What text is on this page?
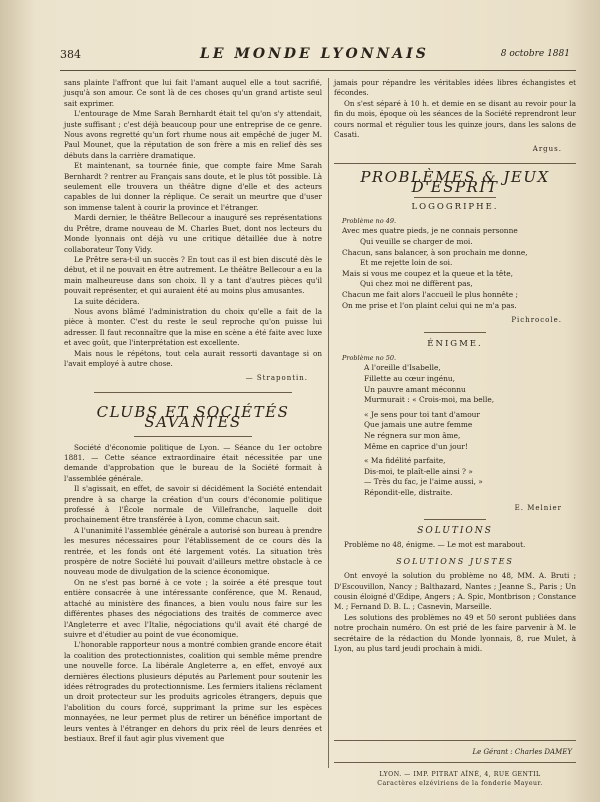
384	LE MONDE LYONNAIS	8 octobre 1881

sans plainte l'affront que lui fait l'amant auquel elle a tout sacrifié, jusqu'à son amour. Ce sont là de ces choses qu'un grand artiste seul sait exprimer.

L'entourage de Mme Sarah Bernhardt était tel qu'on s'y attendait, juste suffisant ; c'est déjà beaucoup pour une entreprise de ce genre. Nous avons regretté qu'un fort rhume nous ait empêché de juger M. Paul Mounet, que la réputation de son frère a mis en relief dès ses débuts dans la carrière dramatique.

Et maintenant, sa tournée finie, que compte faire Mme Sarah Bernhardt ? rentrer au Français sans doute, et le plus tôt possible. Là seulement elle trouvera un théâtre digne d'elle et des acteurs capables de lui donner la réplique. Ce serait un meurtre que d'user son immense talent à courir la province et l'étranger.

Mardi dernier, le théâtre Bellecour a inauguré ses représentations du Prêtre, drame nouveau de M. Charles Buet, dont nos lecteurs du Monde lyonnais ont déjà vu une critique détaillée due à notre collaborateur Tony Vidy.

Le Prêtre sera-t-il un succès ? En tout cas il est bien discuté dès le début, et il ne pouvait en être autrement. Le théâtre Bellecour a eu la main malheureuse dans son choix. Il y a tant d'autres pièces qu'il pouvait représenter, et qui auraient été au moins plus amusantes.

La suite décidera.

Nous avons blâmé l'administration du choix qu'elle a fait de la pièce à monter. C'est du reste le seul reproche qu'on puisse lui adresser. Il faut reconnaître que la mise en scène a été faite avec luxe et avec goût, que l'interprétation est excellente.

Mais nous le répétons, tout cela aurait ressorti davantage si on l'avait employé à autre chose.

— Strapontin.
CLUBS ET SOCIÉTÉS SAVANTES

Société d'économie politique de Lyon. — Séance du 1er octobre 1881. — Cette séance extraordinaire était nécessitée par une demande d'approbation que le bureau de la Société formait à l'assemblée générale.

Il s'agissait, en effet, de savoir si décidément la Société entendait prendre à sa charge la création d'un cours d'économie politique professé à l'École normale de Villefranche, laquelle doit prochainement être transférée à Lyon, comme chacun sait.

A l'unanimité l'assemblée générale a autorisé son bureau à prendre les mesures nécessaires pour l'établissement de ce cours dès la rentrée, et les fonds ont été largement votés. La situation très prospère de notre Société lui pouvait d'ailleurs mettre obstacle à ce nouveau mode de divulgation de la science économique.

On ne s'est pas borné à ce vote ; la soirée a été presque tout entière consacrée à une intéressante conférence, que M. Renaud, attaché au ministère des finances, a bien voulu nous faire sur les différentes phases des négociations des traités de commerce avec l'Angleterre et avec l'Italie, négociations qu'il avait été chargé de suivre et d'étudier au point de vue économique.

L'honorable rapporteur nous a montré combien grande encore était la coalition des protectionnistes, coalition qui semble même prendre une nouvelle force. La libérale Angleterre a, en effet, envoyé aux dernières élections plusieurs députés au Parlement pour soutenir les idées rétrogrades du protectionnisme. Les fermiers italiens réclament un droit protecteur sur les produits agricoles étrangers, depuis que l'abolition du cours forcé, supprimant la prime sur les espèces monnayées, ne leur permet plus de retirer un bénéfice important de leurs ventes à l'étranger en dehors du prix réel de leurs denrées et bestiaux. Bref il faut agir plus vivement que

jamais pour répandre les véritables idées libres échangistes et fécondes.

On s'est séparé à 10 h. et demie en se disant au revoir pour la fin du mois, époque où les séances de la Société reprendront leur cours normal et régulier tous les quinze jours, dans les salons de Casati.

Argus.
PROBLÈMES & JEUX D'ESPRIT
LOGOGRIPHE.
Problème no 49.
Avec mes quatre pieds, je ne connais personne
Qui veuille se charger de moi.
Chacun, sans balancer, à son prochain me donne,
Et me rejette loin de soi.
Mais si vous me coupez et la queue et la tête,
Qui chez moi ne diffèrent pas,
Chacun me fait alors l'accueil le plus honnête ;
On me prise et l'on plaint celui qui ne m'a pas.
Pichrocole.
ÉNIGME.
Problème no 50.
A l'oreille d'Isabelle,
Fillette au cœur ingénu,
Un pauvre amant méconnu
Murmurait : « Crois-moi, ma belle,
« Je sens pour toi tant d'amour
Que jamais une autre femme
Ne régnera sur mon âme,
Même en caprice d'un jour!
« Ma fidélité parfaite,
Dis-moi, te plaît-elle ainsi ? »
— Très du fac, je l'aime aussi, »
Répondit-elle, distraite.
E. Melnier
SOLUTIONS

Problème no 48, énigme. — Le mot est marabout.

SOLUTIONS JUSTES

Ont envoyé la solution du problème no 48, MM. A. Bruti ; D'Escouvillon, Nancy ; Balthazard, Nantes ; Jeanne S., Paris ; Un cousin éloigné d'Œdipe, Angers ; A. Spic, Montbrison ; Constance M. ; Fernand D. B. L. ; Casnevin, Marseille.

Les solutions des problèmes no 49 et 50 seront publiées dans notre prochain numéro. On est prié de les faire parvenir à M. le secrétaire de la rédaction du Monde lyonnais, 8, rue Mulet, à Lyon, au plus tard jeudi prochain à midi.

Le Gérant : Charles DAMEY
LYON. — IMP. PITRAT AÎNÉ, 4, RUE GENTIL
Caractères elzéviriens de la fonderie Mayeur.
